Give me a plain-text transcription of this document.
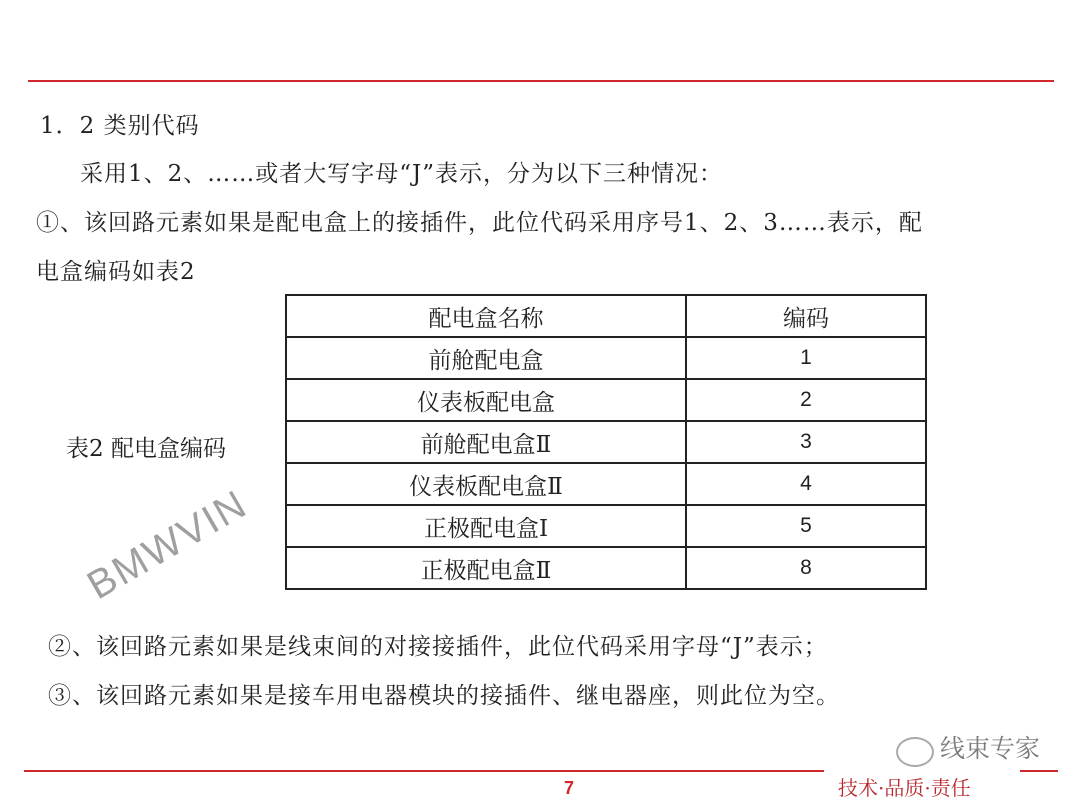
1．2 类别代码
采用1、2、……或者大写字母“J”表示，分为以下三种情况：
①、该回路元素如果是配电盒上的接插件，此位代码采用序号1、2、3……表示，配
电盒编码如表2
表2 配电盒编码
配电盒名称	编码
前舱配电盒	1
仪表板配电盒	2
前舱配电盒Ⅱ	3
仪表板配电盒Ⅱ	4
正极配电盒Ⅰ	5
正极配电盒Ⅱ	8
BMWVIN
②、该回路元素如果是线束间的对接接插件，此位代码采用字母“J”表示；
③、该回路元素如果是接车用电器模块的接插件、继电器座，则此位为空。
7	技术·品质·责任
线束专家
